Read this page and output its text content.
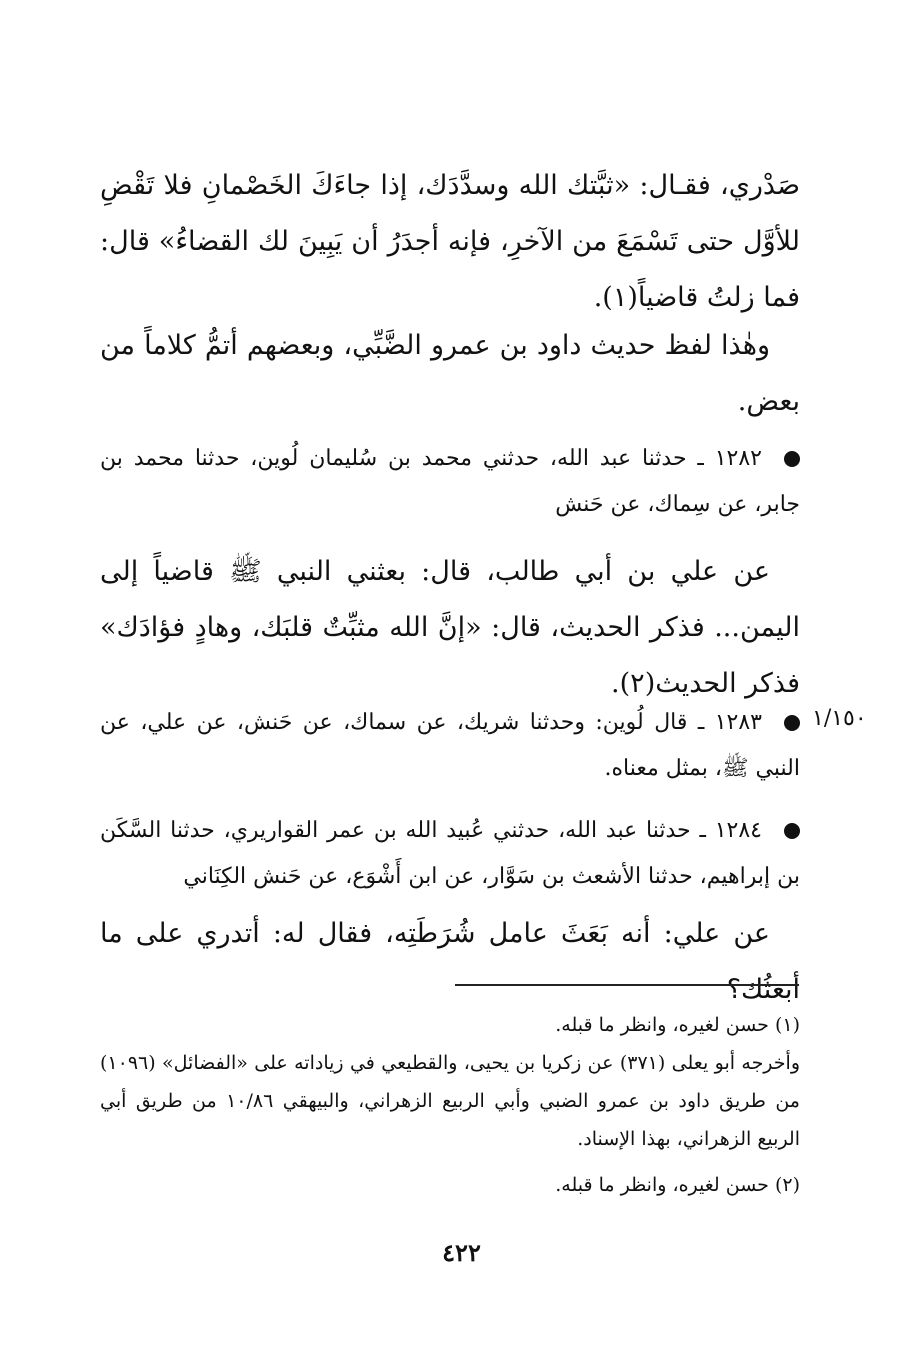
صَدْري، فقـال: «ثبَّتك الله وسدَّدَك، إذا جاءَكَ الخَصْمانِ فلا تَقْضِ للأوَّل حتى تَسْمَعَ من الآخرِ، فإنه أجدَرُ أن يَبِينَ لك القضاءُ» قال: فما زلتُ قاضياً(١).

وهٰذا لفظ حديث داود بن عمرو الضَّبِّي، وبعضهم أتمُّ كلاماً من بعض.

١٢٨٢ ـ حدثنا عبد الله، حدثني محمد بن سُليمان لُوين، حدثنا محمد بن جابر، عن سِماك، عن حَنش

عن علي بن أبي طالب، قال: بعثني النبي ﷺ قاضياً إلى اليمن... فذكر الحديث، قال: «إنَّ الله مثبِّتٌ قلبَك، وهادٍ فؤادَك» فذكر الحديث(٢).

١/١٥٠

١٢٨٣ ـ قال لُوين: وحدثنا شريك، عن سماك، عن حَنش، عن علي، عن النبي ﷺ، بمثل معناه.

١٢٨٤ ـ حدثنا عبد الله، حدثني عُبيد الله بن عمر القواريري، حدثنا السَّكَن بن إبراهيم، حدثنا الأشعث بن سَوَّار، عن ابن أَشْوَع، عن حَنش الكِنَاني

عن علي: أنه بَعَثَ عامل شُرَطَتِه، فقال له: أتدري على ما أبعثُك؟

(١) حسن لغيره، وانظر ما قبله.

وأخرجه أبو يعلى (٣٧١) عن زكريا بن يحيى، والقطيعي في زياداته على «الفضائل» (١٠٩٦) من طريق داود بن عمرو الضبي وأبي الربيع الزهراني، والبيهقي ١٠/٨٦ من طريق أبي الربيع الزهراني، بهذا الإسناد.

(٢) حسن لغيره، وانظر ما قبله.

٤٢٢
